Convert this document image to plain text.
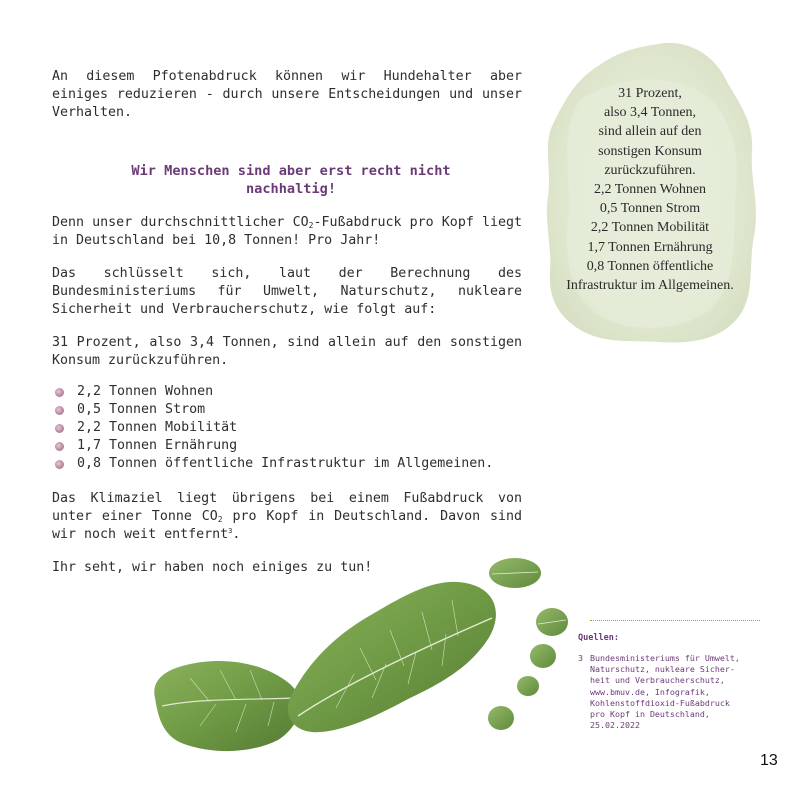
An diesem Pfotenabdruck können wir Hundehalter aber einiges reduzieren - durch unsere Entscheidungen und unser Verhalten.

Wir Menschen sind aber erst recht nicht
nachhaltig!

Denn unser durchschnittlicher $CO_2$-Fußabdruck pro Kopf liegt in Deutschland bei 10,8 Tonnen! Pro Jahr!

Das schlüsselt sich, laut der Berechnung des Bundesministeriums für Umwelt, Naturschutz, nukleare Sicherheit und Verbraucherschutz, wie folgt auf:

31 Prozent, also 3,4 Tonnen, sind allein auf den sonstigen Konsum zurückzuführen.

2,2 Tonnen Wohnen
0,5 Tonnen Strom
2,2 Tonnen Mobilität
1,7 Tonnen Ernährung
0,8 Tonnen öffentliche Infrastruktur im Allgemeinen.

Das Klimaziel liegt übrigens bei einem Fußabdruck von unter einer Tonne $CO_2$ pro Kopf in Deutschland. Davon sind wir noch weit entfernt$^3$.

Ihr seht, wir haben noch einiges zu tun!

31 Prozent,
also 3,4 Tonnen,
sind allein auf den
sonstigen Konsum
zurückzuführen.
2,2 Tonnen Wohnen
0,5 Tonnen Strom
2,2 Tonnen Mobilität
1,7 Tonnen Ernährung
0,8 Tonnen öffentliche
Infrastruktur im Allgemeinen.
Quellen:
3 Bundesministeriums für Umwelt,
Naturschutz, nukleare Sicher-
heit und Verbraucherschutz,
www.bmuv.de, Infografik,
Kohlenstoffdioxid-Fußabdruck
pro Kopf in Deutschland,
25.02.2022
13
